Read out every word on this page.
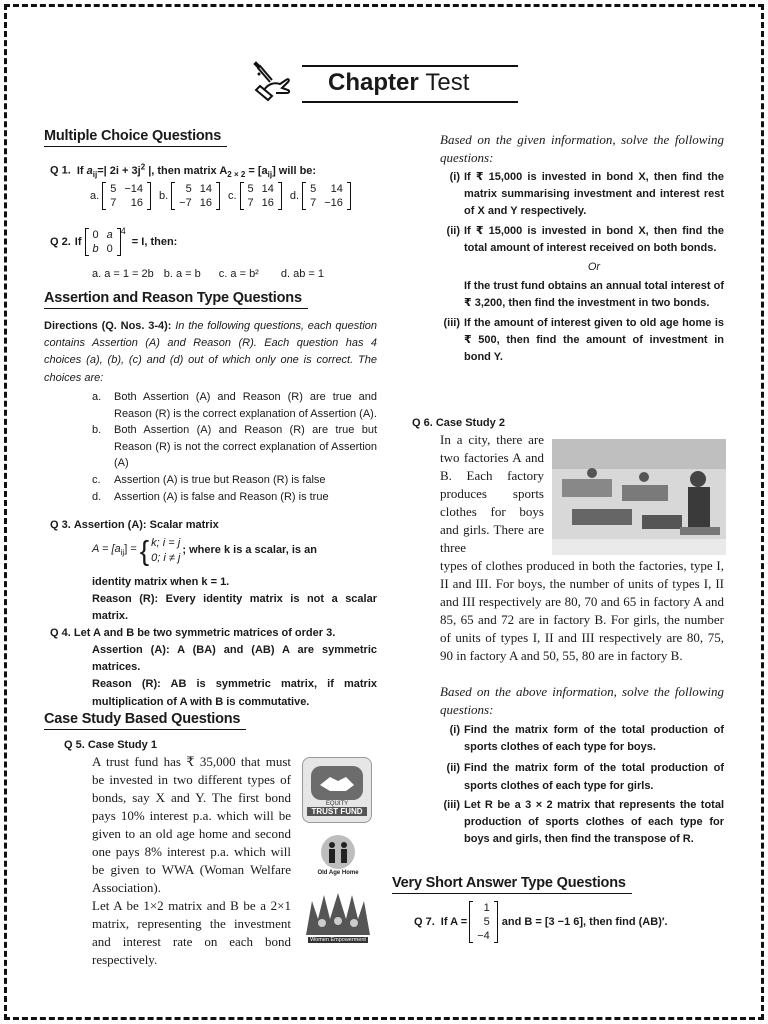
Chapter Test
Multiple Choice Questions
Q 1. If $a_{ij}=|$ $2i + 3j^2$ |, then matrix $A_{2 \times 2} = [a_{ij}]$ will be:
a.
5	−14
7	16
b.
5	14
−7	16
c.
5	14
7	16
d.
5	14
7	−16
Q 2. If
0	a
b	0
$^4$
= I, then:
a. a = 1 = 2b b. a = b c. a = b² d. ab = 1
Assertion and Reason Type Questions
Directions (Q. Nos. 3-4): In the following questions, each question contains Assertion (A) and Reason (R). Each question has 4 choices (a), (b), (c) and (d) out of which only one is correct. The choices are:
a.	Both Assertion (A) and Reason (R) are true and Reason (R) is the correct explanation of Assertion (A).
b.	Both Assertion (A) and Reason (R) are true but Reason (R) is not the correct explanation of Assertion (A)
c.	Assertion (A) is true but Reason (R) is false
d.	Assertion (A) is false and Reason (R) is true
Q 3. Assertion (A): Scalar matrix
$A = [a_{ij}]$ = { k; i = j
0; i ≠ j
; where k is a scalar, is an
identity matrix when k = 1.
Reason (R): Every identity matrix is not a scalar matrix.
Q 4. Let A and B be two symmetric matrices of order 3.
Assertion (A): A (BA) and (AB) A are symmetric matrices.
Reason (R): AB is symmetric matrix, if matrix multiplication of A with B is commutative.
Case Study Based Questions
Q 5. Case Study 1
A trust fund has ₹ 35,000 that must be invested in two different types of bonds, say X and Y. The first bond pays 10% interest p.a. which will be given to an old age home and second one pays 8% interest p.a. which will be given to WWA (Woman Welfare Association).
Let A be 1×2 matrix and B be a 2×1 matrix, representing the investment and interest rate on each bond respectively.
EQUITY
TRUST FUND
Old Age Home
Women Empowerment
Based on the given information, solve the following questions:
(i) If ₹ 15,000 is invested in bond X, then find the matrix summarising investment and interest rest of X and Y respectively.
(ii) If ₹ 15,000 is invested in bond X, then find the total amount of interest received on both bonds.
Or
If the trust fund obtains an annual total interest of ₹ 3,200, then find the investment in two bonds.
(iii) If the amount of interest given to old age home is ₹ 500, then find the amount of investment in bond Y.
Q 6. Case Study 2
In a city, there are two factories A and B. Each factory produces sports clothes for boys and girls. There are three
types of clothes produced in both the factories, type I, II and III. For boys, the number of units of types I, II and III respectively are 80, 70 and 65 in factory A and 85, 65 and 72 are in factory B. For girls, the number of units of types I, II and III respectively are 80, 75, 90 in factory A and 50, 55, 80 are in factory B.
Based on the above information, solve the following questions:
(i) Find the matrix form of the total production of sports clothes of each type for boys.
(ii) Find the matrix form of the total production of sports clothes of each type for girls.
(iii) Let R be a 3 × 2 matrix that represents the total production of sports clothes of each type for boys and girls, then find the transpose of R.
Very Short Answer Type Questions
Q 7. If A =
1
5
−4
and B = [3 −1 6], then find (AB)′.
